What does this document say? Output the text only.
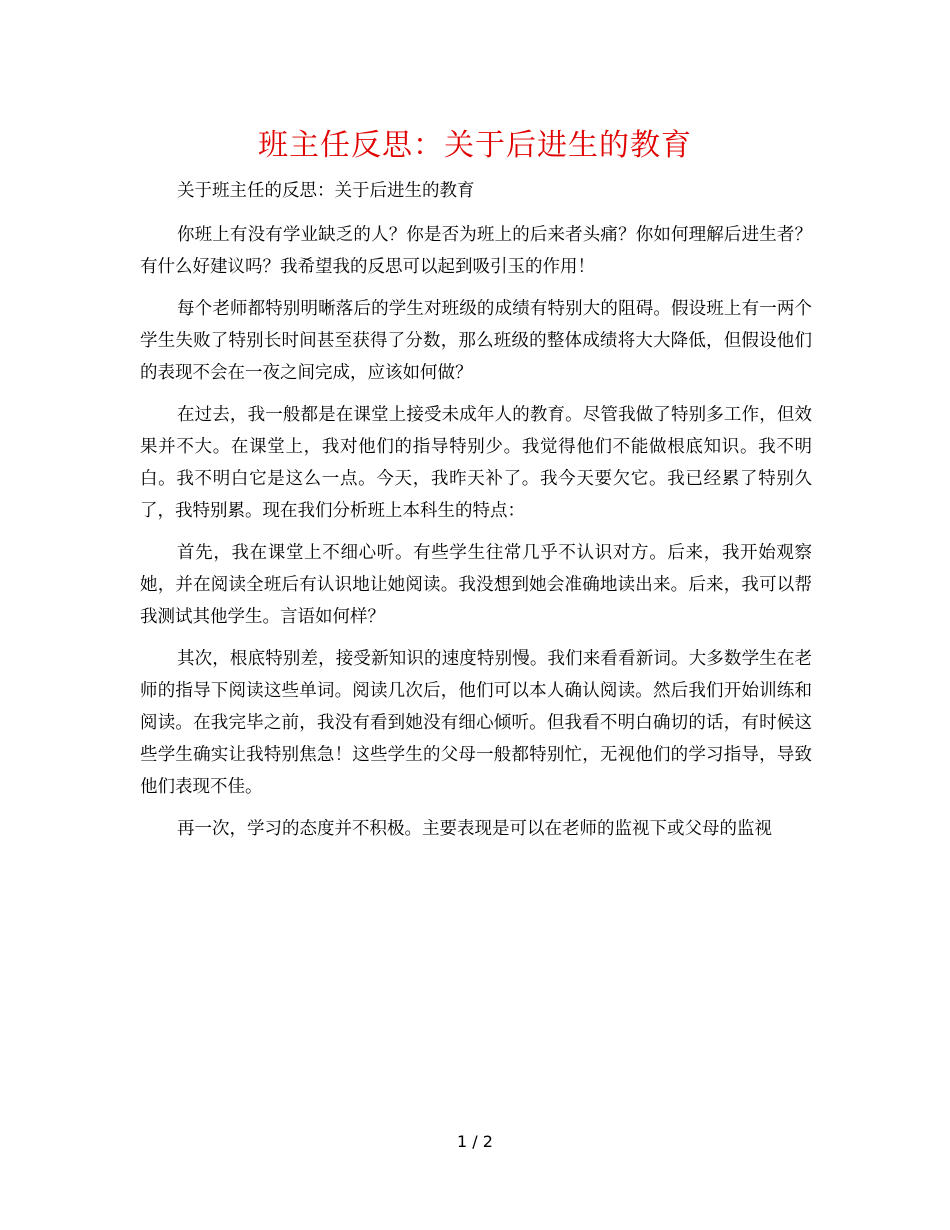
班主任反思：关于后进生的教育

关于班主任的反思：关于后进生的教育

你班上有没有学业缺乏的人？你是否为班上的后来者头痛？你如何理解后进生者？有什么好建议吗？我希望我的反思可以起到吸引玉的作用！

每个老师都特别明晰落后的学生对班级的成绩有特别大的阻碍。假设班上有一两个学生失败了特别长时间甚至获得了分数，那么班级的整体成绩将大大降低，但假设他们的表现不会在一夜之间完成，应该如何做？

在过去，我一般都是在课堂上接受未成年人的教育。尽管我做了特别多工作，但效果并不大。在课堂上，我对他们的指导特别少。我觉得他们不能做根底知识。我不明白。我不明白它是这么一点。今天，我昨天补了。我今天要欠它。我已经累了特别久了，我特别累。现在我们分析班上本科生的特点：

首先，我在课堂上不细心听。有些学生往常几乎不认识对方。后来，我开始观察她，并在阅读全班后有认识地让她阅读。我没想到她会准确地读出来。后来，我可以帮我测试其他学生。言语如何样？

其次，根底特别差，接受新知识的速度特别慢。我们来看看新词。大多数学生在老师的指导下阅读这些单词。阅读几次后，他们可以本人确认阅读。然后我们开始训练和阅读。在我完毕之前，我没有看到她没有细心倾听。但我看不明白确切的话，有时候这些学生确实让我特别焦急！这些学生的父母一般都特别忙，无视他们的学习指导，导致他们表现不佳。

再一次，学习的态度并不积极。主要表现是可以在老师的监视下或父母的监视

1 / 2
